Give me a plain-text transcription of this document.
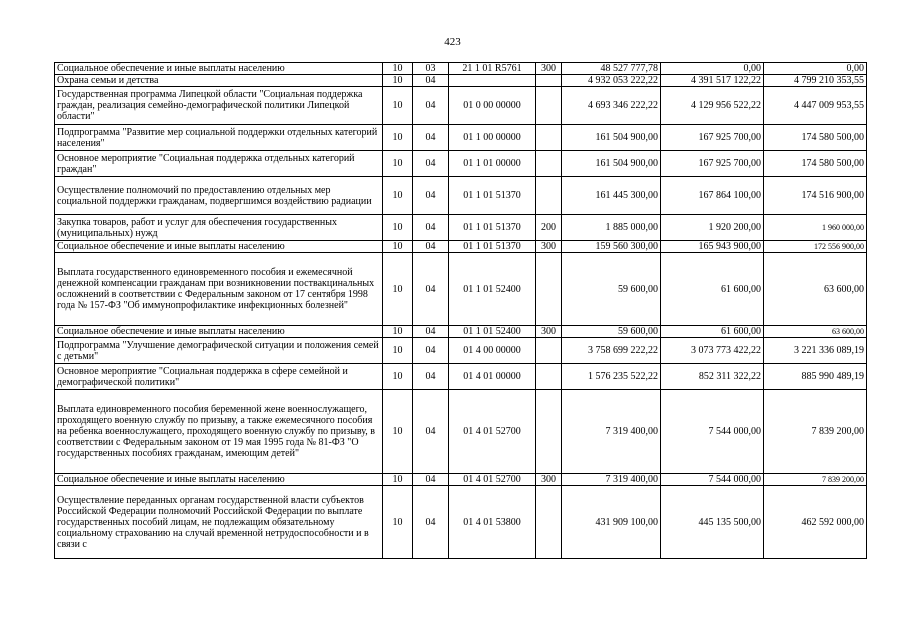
423
Социальное обеспечение и иные выплаты населению	10	03	21 1 01 R5761	300	48 527 777,78	0,00	0,00
Охрана семьи и детства	10	04			4 932 053 222,22	4 391 517 122,22	4 799 210 353,55
Государственная программа Липецкой области "Социальная поддержка граждан, реализация семейно-демографической политики Липецкой области"	10	04	01 0 00 00000		4 693 346 222,22	4 129 956 522,22	4 447 009 953,55
Подпрограмма "Развитие мер социальной поддержки отдельных категорий населения"	10	04	01 1 00 00000		161 504 900,00	167 925 700,00	174 580 500,00
Основное мероприятие "Социальная поддержка отдельных категорий граждан"	10	04	01 1 01 00000		161 504 900,00	167 925 700,00	174 580 500,00
Осуществление полномочий по предоставлению отдельных мер социальной поддержки гражданам, подвергшимся воздействию радиации	10	04	01 1 01 51370		161 445 300,00	167 864 100,00	174 516 900,00
Закупка товаров, работ и услуг для обеспечения государственных (муниципальных) нужд	10	04	01 1 01 51370	200	1 885 000,00	1 920 200,00	1 960 000,00
Социальное обеспечение и иные выплаты населению	10	04	01 1 01 51370	300	159 560 300,00	165 943 900,00	172 556 900,00
Выплата государственного единовременного пособия и ежемесячной денежной компенсации гражданам при возникновении поствакцинальных осложнений в соответствии с Федеральным законом от 17 сентября 1998 года № 157-ФЗ "Об иммунопрофилактике инфекционных болезней"	10	04	01 1 01 52400		59 600,00	61 600,00	63 600,00
Социальное обеспечение и иные выплаты населению	10	04	01 1 01 52400	300	59 600,00	61 600,00	63 600,00
Подпрограмма "Улучшение демографической ситуации и положения семей с детьми"	10	04	01 4 00 00000		3 758 699 222,22	3 073 773 422,22	3 221 336 089,19
Основное мероприятие "Социальная поддержка в сфере семейной и демографической политики"	10	04	01 4 01 00000		1 576 235 522,22	852 311 322,22	885 990 489,19
Выплата единовременного пособия беременной жене военнослужащего, проходящего военную службу по призыву, а также ежемесячного пособия на ребенка военнослужащего, проходящего военную службу по призыву, в соответствии с Федеральным законом от 19 мая 1995 года № 81-ФЗ "О государственных пособиях гражданам, имеющим детей"	10	04	01 4 01 52700		7 319 400,00	7 544 000,00	7 839 200,00
Социальное обеспечение и иные выплаты населению	10	04	01 4 01 52700	300	7 319 400,00	7 544 000,00	7 839 200,00
Осуществление переданных органам государственной власти субъектов Российской Федерации полномочий Российской Федерации по выплате государственных пособий лицам, не подлежащим обязательному социальному страхованию на случай временной нетрудоспособности и в связи с	10	04	01 4 01 53800		431 909 100,00	445 135 500,00	462 592 000,00
